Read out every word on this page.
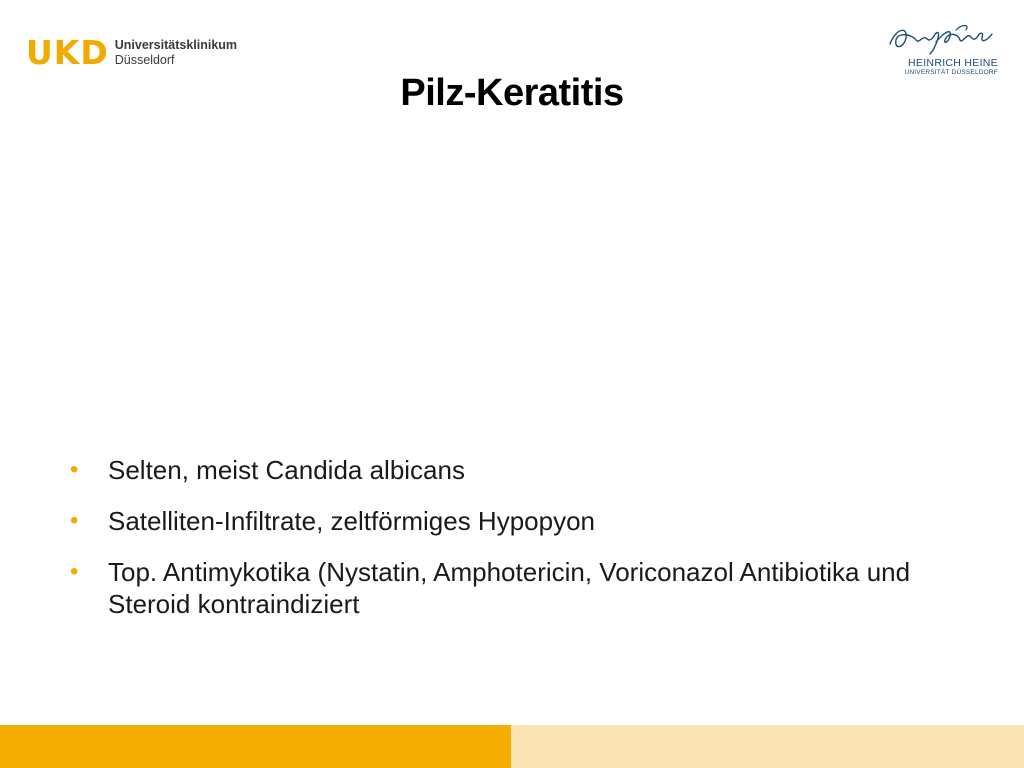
UKD Universitätsklinikum
Düsseldorf	HEINRICH HEINE
UNIVERSITÄT DÜSSELDORF
Pilz-Keratitis
•	Selten, meist Candida albicans
•	Satelliten-Infiltrate, zeltförmiges Hypopyon
•	Top. Antimykotika (Nystatin, Amphotericin, Voriconazol Antibiotika und Steroid kontraindiziert
